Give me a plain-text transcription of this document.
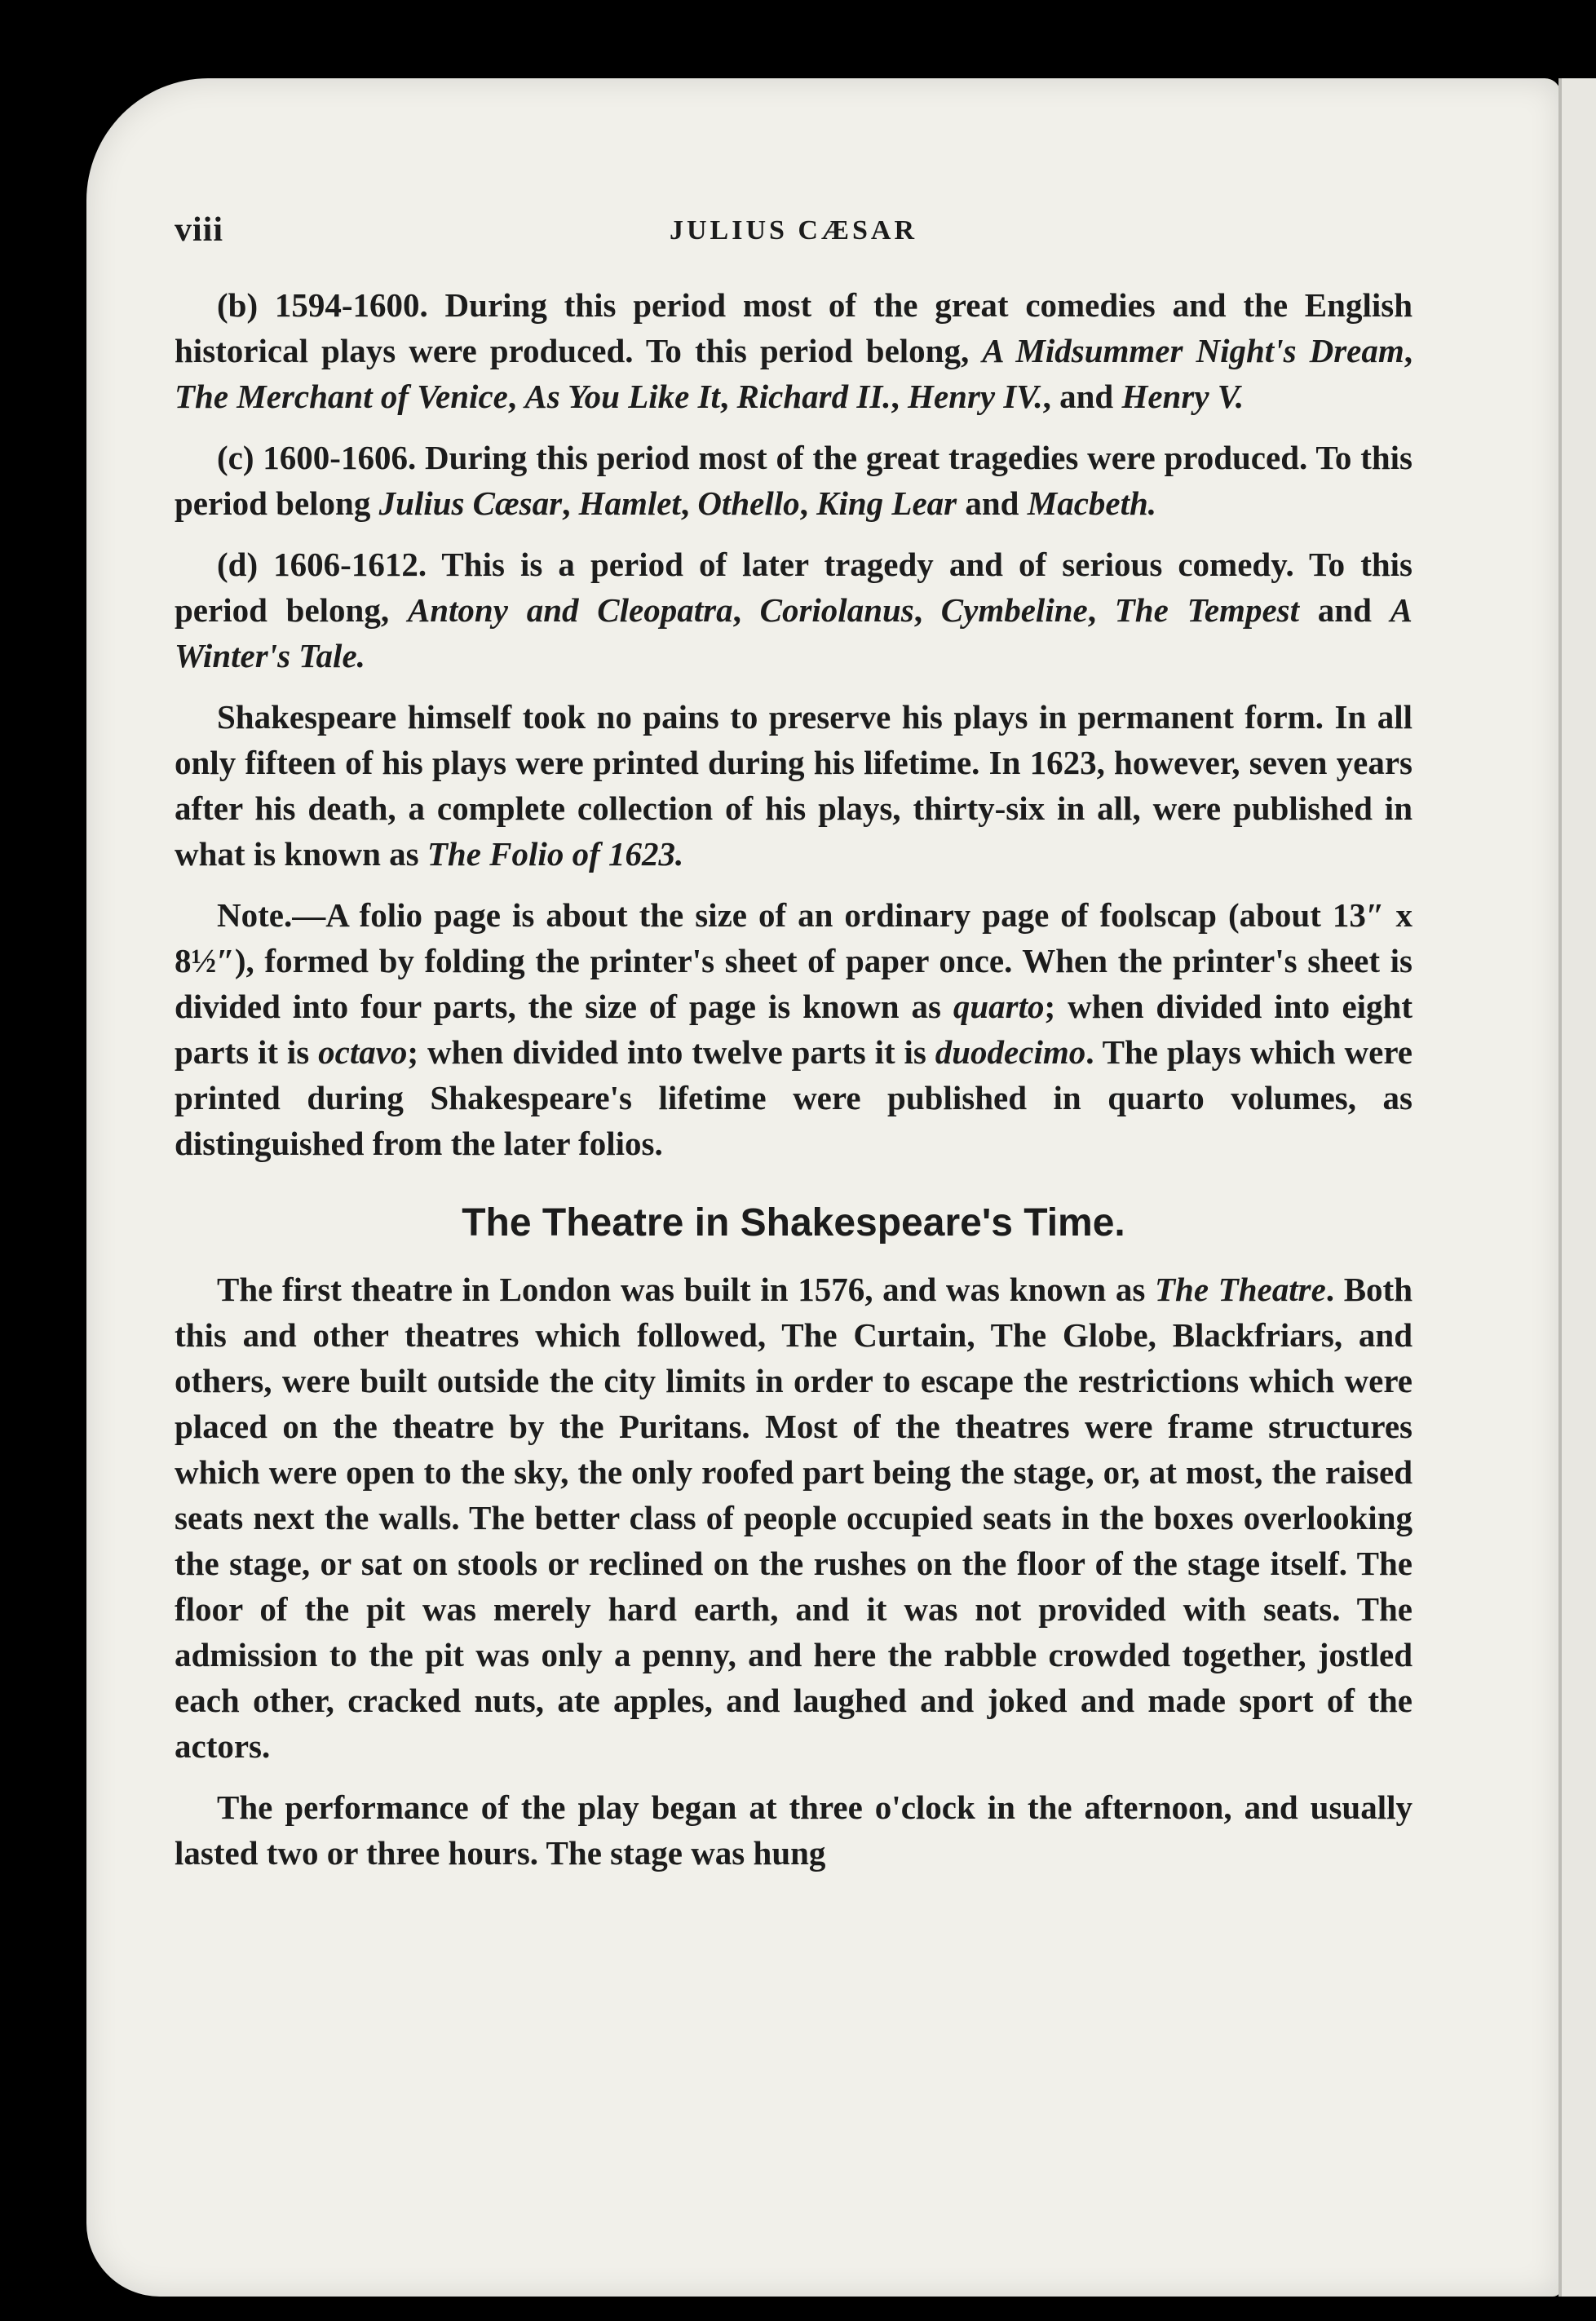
viii	JULIUS CÆSAR

(b) 1594-1600. During this period most of the great comedies and the English historical plays were produced. To this period belong, A Midsummer Night's Dream, The Merchant of Venice, As You Like It, Richard II., Henry IV., and Henry V.

(c) 1600-1606. During this period most of the great tragedies were produced. To this period belong Julius Cæsar, Hamlet, Othello, King Lear and Macbeth.

(d) 1606-1612. This is a period of later tragedy and of serious comedy. To this period belong, Antony and Cleopatra, Coriolanus, Cymbeline, The Tempest and A Winter's Tale.

Shakespeare himself took no pains to preserve his plays in permanent form. In all only fifteen of his plays were printed during his lifetime. In 1623, however, seven years after his death, a complete collection of his plays, thirty-six in all, were published in what is known as The Folio of 1623.

Note.—A folio page is about the size of an ordinary page of foolscap (about 13″ x 8½″), formed by folding the printer's sheet of paper once. When the printer's sheet is divided into four parts, the size of page is known as quarto; when divided into eight parts it is octavo; when divided into twelve parts it is duodecimo. The plays which were printed during Shakespeare's lifetime were published in quarto volumes, as distinguished from the later folios.

The Theatre in Shakespeare's Time.

The first theatre in London was built in 1576, and was known as The Theatre. Both this and other theatres which followed, The Curtain, The Globe, Blackfriars, and others, were built outside the city limits in order to escape the restrictions which were placed on the theatre by the Puritans. Most of the theatres were frame structures which were open to the sky, the only roofed part being the stage, or, at most, the raised seats next the walls. The better class of people occupied seats in the boxes overlooking the stage, or sat on stools or reclined on the rushes on the floor of the stage itself. The floor of the pit was merely hard earth, and it was not provided with seats. The admission to the pit was only a penny, and here the rabble crowded together, jostled each other, cracked nuts, ate apples, and laughed and joked and made sport of the actors.

The performance of the play began at three o'clock in the afternoon, and usually lasted two or three hours. The stage was hung
